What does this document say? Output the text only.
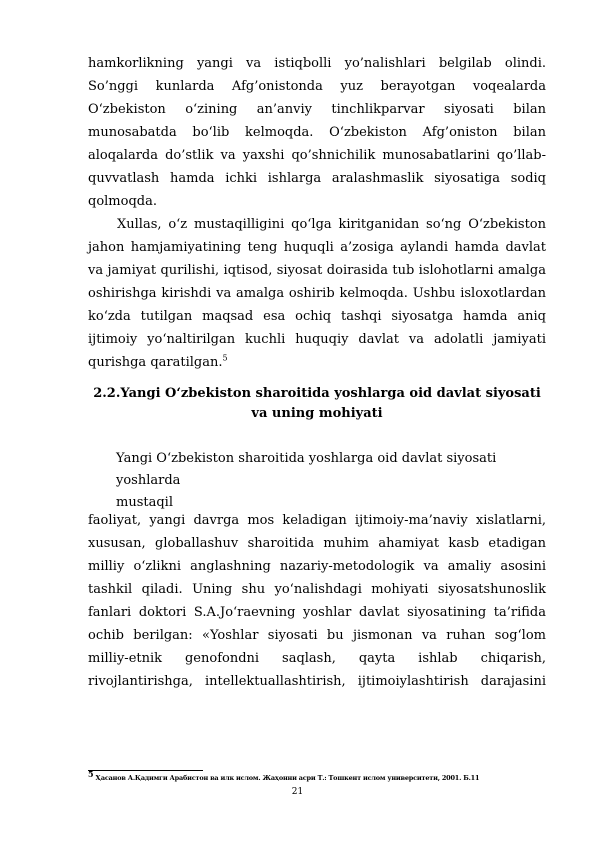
hamkorlikning yangi va istiqbolli yo’nalishlari belgilab olindi. So’nggi kunlarda Afg’onistonda yuz berayotgan voqealarda O‘zbekiston o‘zining an’anviy tinchlikparvar siyosati bilan munosabatda bo‘lib kelmoqda. O‘zbekiston Afg’oniston bilan aloqalarda do’stlik va yaxshi qo’shnichilik munosabatlarini qo’llab-quvvatlash hamda ichki ishlarga aralashmaslik siyosatiga sodiq qolmoqda.
Xullas, o‘z mustaqilligini qo‘lga kiritganidan so‘ng O‘zbekiston jahon hamjamiyatining teng huquqli a’zosiga aylandi hamda davlat va jamiyat qurilishi, iqtisod, siyosat doirasida tub islohotlarni amalga oshirishga kirishdi va amalga oshirib kelmoqda. Ushbu isloxotlardan ko‘zda tutilgan maqsad esa ochiq tashqi siyosatga hamda aniq ijtimoiy yo‘naltirilgan kuchli huquqiy davlat va adolatli jamiyati qurishga qaratilgan.$^5$
2.2.Yangi O‘zbekiston sharoitida yoshlarga oid davlat siyosati va uning mohiyati
Yangi O‘zbekiston sharoitida yoshlarga oid davlat siyosati yoshlarda
mustaqil
faoliyat, yangi davrga mos keladigan ijtimoiy-ma’naviy xislatlarni, xususan, globallashuv sharoitida muhim ahamiyat kasb etadigan milliy o‘zlikni anglashning nazariy-metodologik va amaliy asosini tashkil qiladi. Uning shu yo‘nalishdagi mohiyati siyosatshunoslik fanlari doktori S.A.Jo‘raevning yoshlar davlat siyosatining ta’rifida ochib berilgan: «Yoshlar siyosati bu jismonan va ruhan sog‘lom milliy-etnik genofondni saqlash, qayta ishlab chiqarish, rivojlantirishga, intellektuallashtirish, ijtimoiylashtirish darajasini
5 Ҳасанов А.Қадимги Арабистон ва илк ислом. Жаҳонни асри Т.: Тошкент ислом университети, 2001. Б.11
21
